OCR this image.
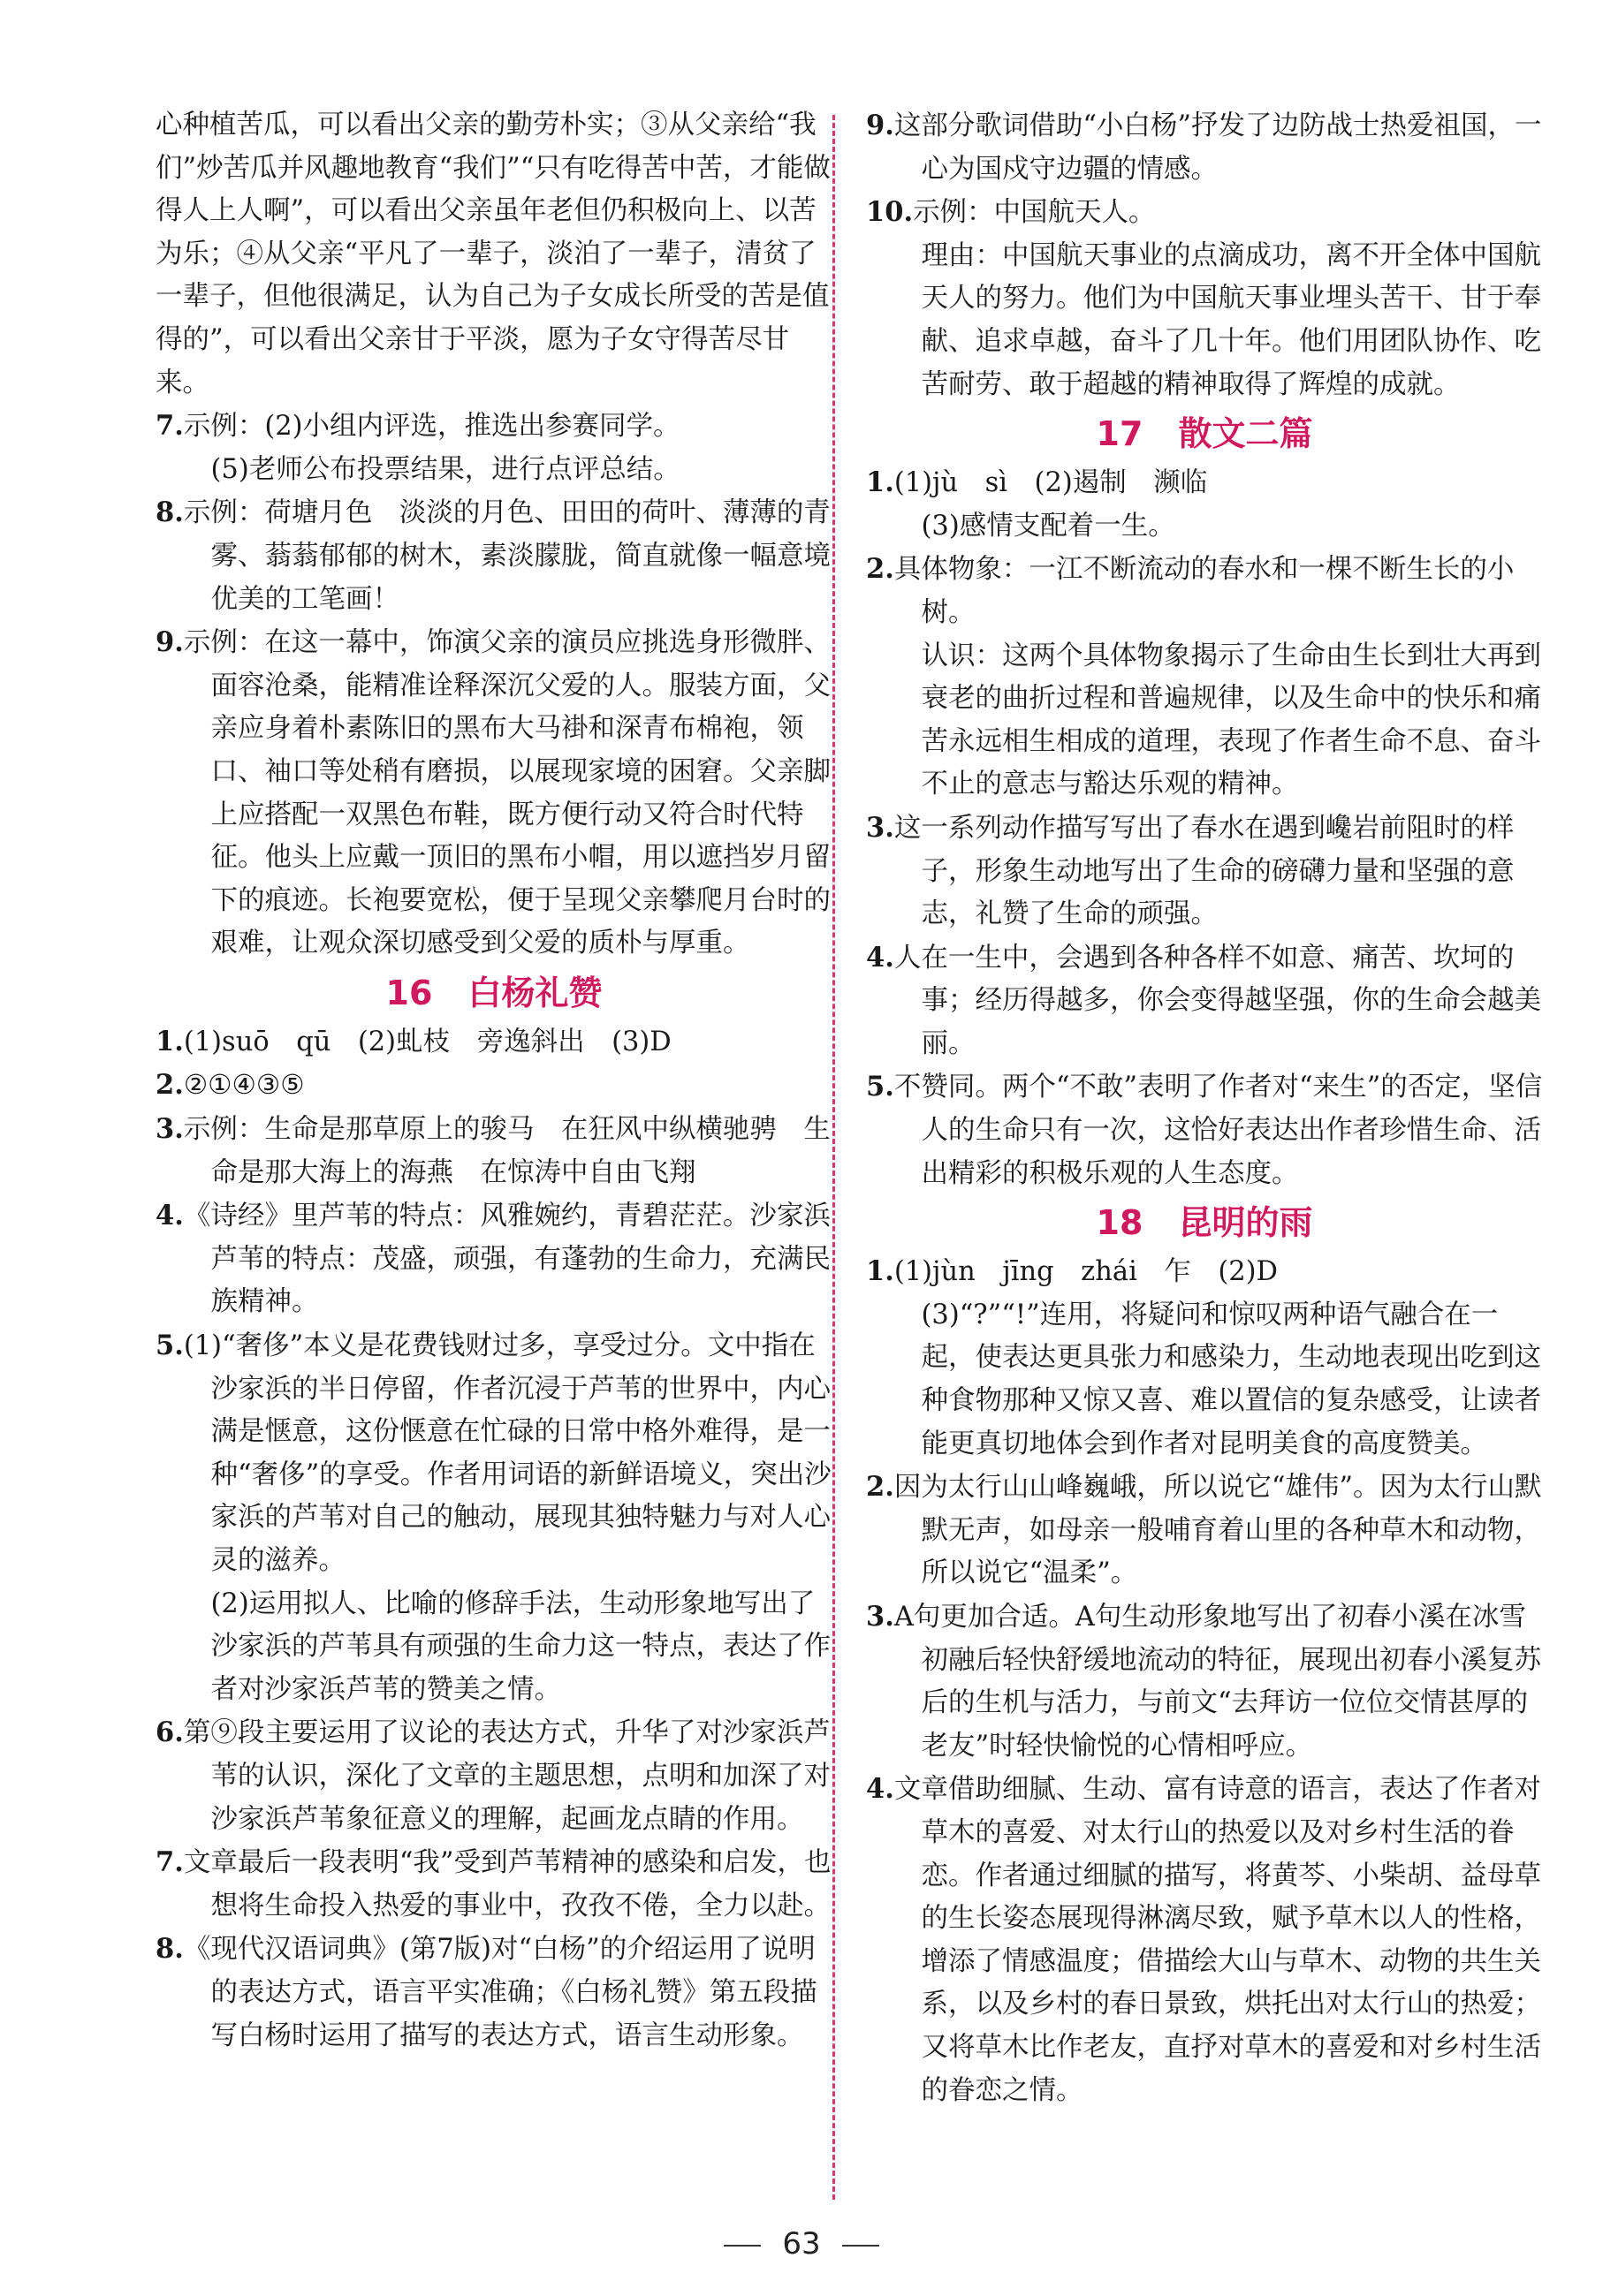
心种植苦瓜，可以看出父亲的勤劳朴实；③从父亲给“我们”炒苦瓜并风趣地教育“我们”“只有吃得苦中苦，才能做得人上人啊”，可以看出父亲虽年老但仍积极向上、以苦为乐；④从父亲“平凡了一辈子，淡泊了一辈子，清贫了一辈子，但他很满足，认为自己为子女成长所受的苦是值得的”，可以看出父亲甘于平淡，愿为子女守得苦尽甘来。

7.示例：(2)小组内评选，推选出参赛同学。

(5)老师公布投票结果，进行点评总结。

8.示例：荷塘月色　淡淡的月色、田田的荷叶、薄薄的青雾、蓊蓊郁郁的树木，素淡朦胧，简直就像一幅意境优美的工笔画！

9.示例：在这一幕中，饰演父亲的演员应挑选身形微胖、面容沧桑，能精准诠释深沉父爱的人。服装方面，父亲应身着朴素陈旧的黑布大马褂和深青布棉袍，领口、袖口等处稍有磨损，以展现家境的困窘。父亲脚上应搭配一双黑色布鞋，既方便行动又符合时代特征。他头上应戴一顶旧的黑布小帽，用以遮挡岁月留下的痕迹。长袍要宽松，便于呈现父亲攀爬月台时的艰难，让观众深切感受到父爱的质朴与厚重。

16 白杨礼赞

1.(1)suō　qū　(2)虬枝　旁逸斜出　(3)D

2.②①④③⑤

3.示例：生命是那草原上的骏马　在狂风中纵横驰骋　生命是那大海上的海燕　在惊涛中自由飞翔

4.《诗经》里芦苇的特点：风雅婉约，青碧茫茫。沙家浜芦苇的特点：茂盛，顽强，有蓬勃的生命力，充满民族精神。

5.(1)“奢侈”本义是花费钱财过多，享受过分。文中指在沙家浜的半日停留，作者沉浸于芦苇的世界中，内心满是惬意，这份惬意在忙碌的日常中格外难得，是一种“奢侈”的享受。作者用词语的新鲜语境义，突出沙家浜的芦苇对自己的触动，展现其独特魅力与对人心灵的滋养。

(2)运用拟人、比喻的修辞手法，生动形象地写出了沙家浜的芦苇具有顽强的生命力这一特点，表达了作者对沙家浜芦苇的赞美之情。

6.第⑨段主要运用了议论的表达方式，升华了对沙家浜芦苇的认识，深化了文章的主题思想，点明和加深了对沙家浜芦苇象征意义的理解，起画龙点睛的作用。

7.文章最后一段表明“我”受到芦苇精神的感染和启发，也想将生命投入热爱的事业中，孜孜不倦，全力以赴。

8.《现代汉语词典》(第7版)对“白杨”的介绍运用了说明的表达方式，语言平实准确；《白杨礼赞》第五段描写白杨时运用了描写的表达方式，语言生动形象。

9.这部分歌词借助“小白杨”抒发了边防战士热爱祖国，一心为国戍守边疆的情感。

10.示例：中国航天人。

理由：中国航天事业的点滴成功，离不开全体中国航天人的努力。他们为中国航天事业埋头苦干、甘于奉献、追求卓越，奋斗了几十年。他们用团队协作、吃苦耐劳、敢于超越的精神取得了辉煌的成就。

17 散文二篇

1.(1)jù　sì　(2)遏制　濒临

(3)感情支配着一生。

2.具体物象：一江不断流动的春水和一棵不断生长的小树。

认识：这两个具体物象揭示了生命由生长到壮大再到衰老的曲折过程和普遍规律，以及生命中的快乐和痛苦永远相生相成的道理，表现了作者生命不息、奋斗不止的意志与豁达乐观的精神。

3.这一系列动作描写写出了春水在遇到巉岩前阻时的样子，形象生动地写出了生命的磅礴力量和坚强的意志，礼赞了生命的顽强。

4.人在一生中，会遇到各种各样不如意、痛苦、坎坷的事；经历得越多，你会变得越坚强，你的生命会越美丽。

5.不赞同。两个“不敢”表明了作者对“来生”的否定，坚信人的生命只有一次，这恰好表达出作者珍惜生命、活出精彩的积极乐观的人生态度。

18 昆明的雨

1.(1)jùn　jīng　zhái　乍　(2)D

(3)“?”“!”连用，将疑问和惊叹两种语气融合在一起，使表达更具张力和感染力，生动地表现出吃到这种食物那种又惊又喜、难以置信的复杂感受，让读者能更真切地体会到作者对昆明美食的高度赞美。

2.因为太行山山峰巍峨，所以说它“雄伟”。因为太行山默默无声，如母亲一般哺育着山里的各种草木和动物，所以说它“温柔”。

3.A句更加合适。A句生动形象地写出了初春小溪在冰雪初融后轻快舒缓地流动的特征，展现出初春小溪复苏后的生机与活力，与前文“去拜访一位位交情甚厚的老友”时轻快愉悦的心情相呼应。

4.文章借助细腻、生动、富有诗意的语言，表达了作者对草木的喜爱、对太行山的热爱以及对乡村生活的眷恋。作者通过细腻的描写，将黄芩、小柴胡、益母草的生长姿态展现得淋漓尽致，赋予草木以人的性格，增添了情感温度；借描绘大山与草木、动物的共生关系，以及乡村的春日景致，烘托出对太行山的热爱；又将草木比作老友，直抒对草木的喜爱和对乡村生活的眷恋之情。

63
